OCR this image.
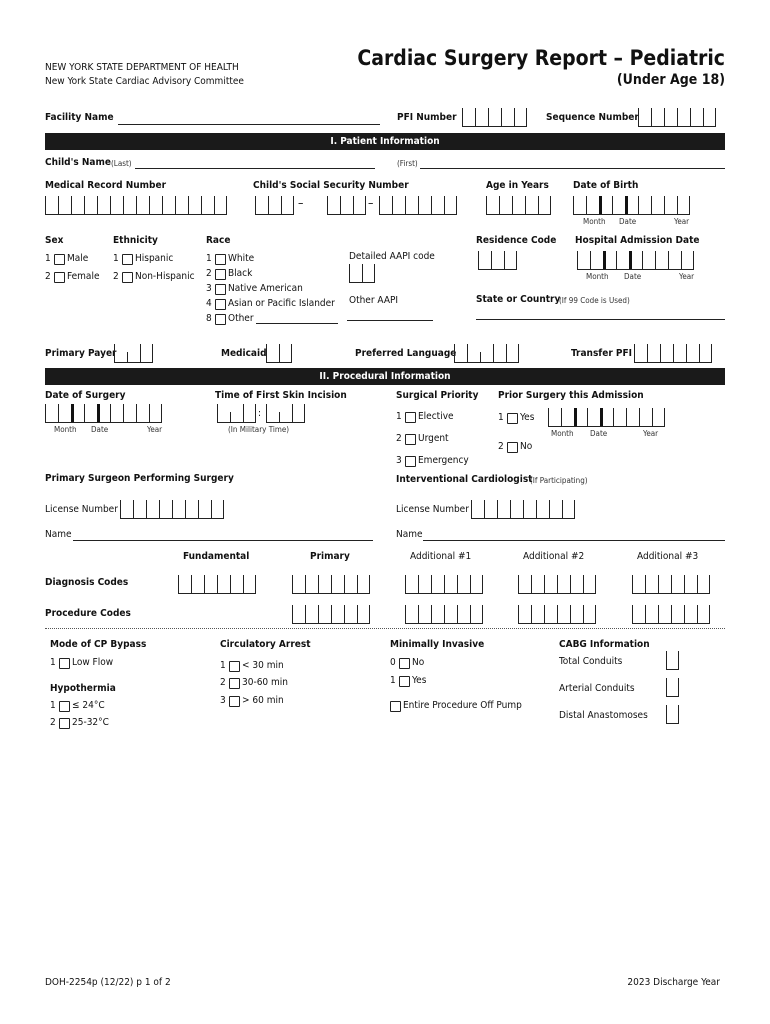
NEW YORK STATE DEPARTMENT OF HEALTH
New York State Cardiac Advisory Committee
Cardiac Surgery Report – Pediatric
(Under Age 18)
Facility Name	PFI Number	Sequence Number
I. Patient Information
Child's Name (Last)	(First)
Medical Record Number	Child's Social Security Number
–	–
Age in Years Date of Birth
Month Date	Year
Sex
1 Male
2 Female
Ethnicity
1 Hispanic
2 Non-Hispanic
Race
1 White
2 Black
3 Native American
4 Asian or Pacific Islander
8 Other
Detailed AAPI code
Other AAPI
Residence Code Hospital Admission Date
Month Date	Year
State or Country
(If 99 Code is Used)
Primary Payer	Medicaid	Preferred Language	Transfer PFI
II. Procedural Information
Date of Surgery
Month Date	Year
Time of First Skin Incision
:
(In Military Time)
Surgical Priority
1 Elective
2 Urgent
3 Emergency
Prior Surgery this Admission
1 Yes
Month Date	Year
2 No
Primary Surgeon Performing Surgery	Interventional Cardiologist
(If Participating)
License Number	License Number
Name	Name
Fundamental	Primary	Additional #1	Additional #2	Additional #3
Diagnosis Codes
Procedure Codes
Mode of CP Bypass
1 Low Flow
Hypothermia
1 ≤ 24°C
2 25-32°C
Circulatory Arrest
1 < 30 min
2 30-60 min
3 > 60 min
Minimally Invasive
0 No
1 Yes
Entire Procedure Off Pump
CABG Information
Total Conduits
Arterial Conduits
Distal Anastomoses
DOH-2254p (12/22) p 1 of 2	2023 Discharge Year
